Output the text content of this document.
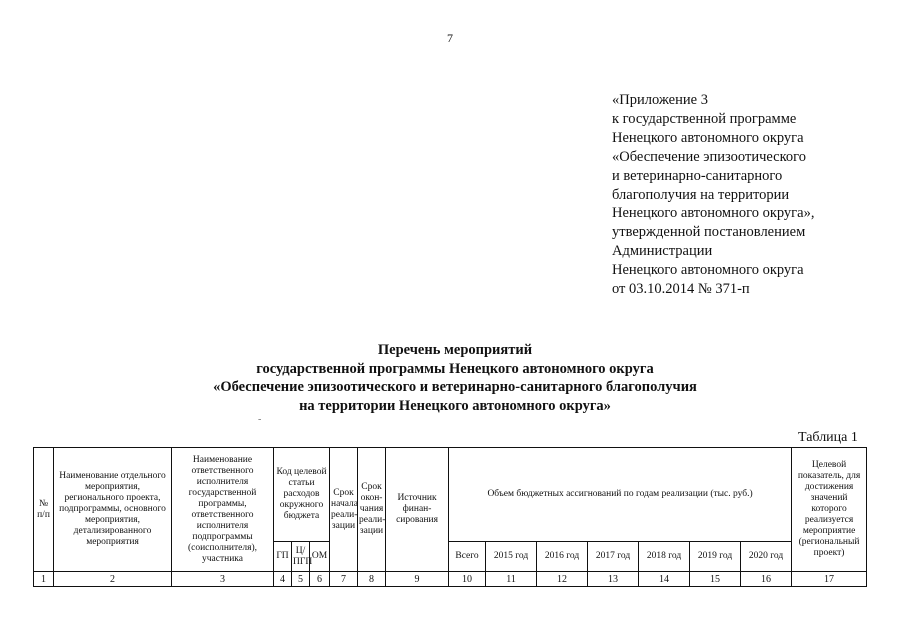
7
«Приложение 3
к государственной программе
Ненецкого автономного округа
«Обеспечение эпизоотического
и ветеринарно-санитарного
благополучия на территории
Ненецкого автономного округа»,
утвержденной постановлением
Администрации
Ненецкого автономного округа
от 03.10.2014 № 371-п
Перечень мероприятий
государственной программы Ненецкого автономного округа
«Обеспечение эпизоотического и ветеринарно-санитарного благополучия
на территории Ненецкого автономного округа»
-
Таблица 1
№ п/п	Наименование отдельного мероприятия, регионального проекта, подпрограммы, основного мероприятия, детализированного мероприятия	Наименование ответственного исполнителя государственной программы, ответственного исполнителя подпрограммы (соисполнителя), участника	Код целевой статьи расходов окружного бюджета			Срок начала реали- зации	Срок окон- чания реали- зации	Источник финан- сирования	Объем бюджетных ассигнований по годам реализации (тыс. руб.)							Целевой показатель, для достижения значений которого реализуется мероприятие (региональный проект)
			ГП	Ц/ ПГП	ОМ				Всего	2015 год	2016 год	2017 год	2018 год	2019 год	2020 год	
1	2	3	4	5	6	7	8	9	10	11	12	13	14	15	16	17
